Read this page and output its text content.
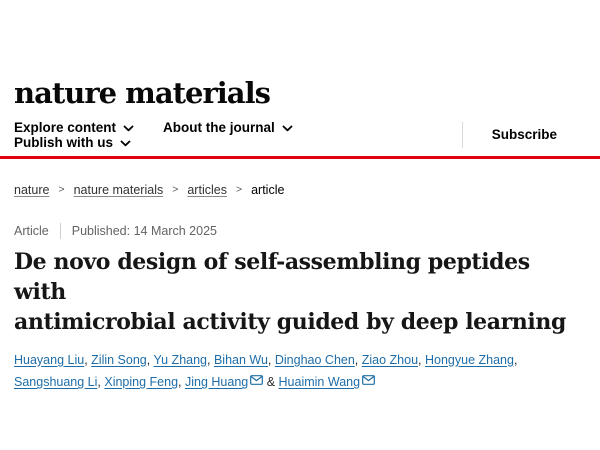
nature materials
Explore content	About the journal
Publish with us	Subscribe
nature > nature materials > articles > article
Article Published: 14 March 2025
De novo design of self-assembling peptides with
antimicrobial activity guided by deep learning
Huayang Liu, Zilin Song, Yu Zhang, Bihan Wu, Dinghao Chen, Ziao Zhou, Hongyue Zhang, Sangshuang Li, Xinping Feng, Jing Huang & Huaimin Wang
